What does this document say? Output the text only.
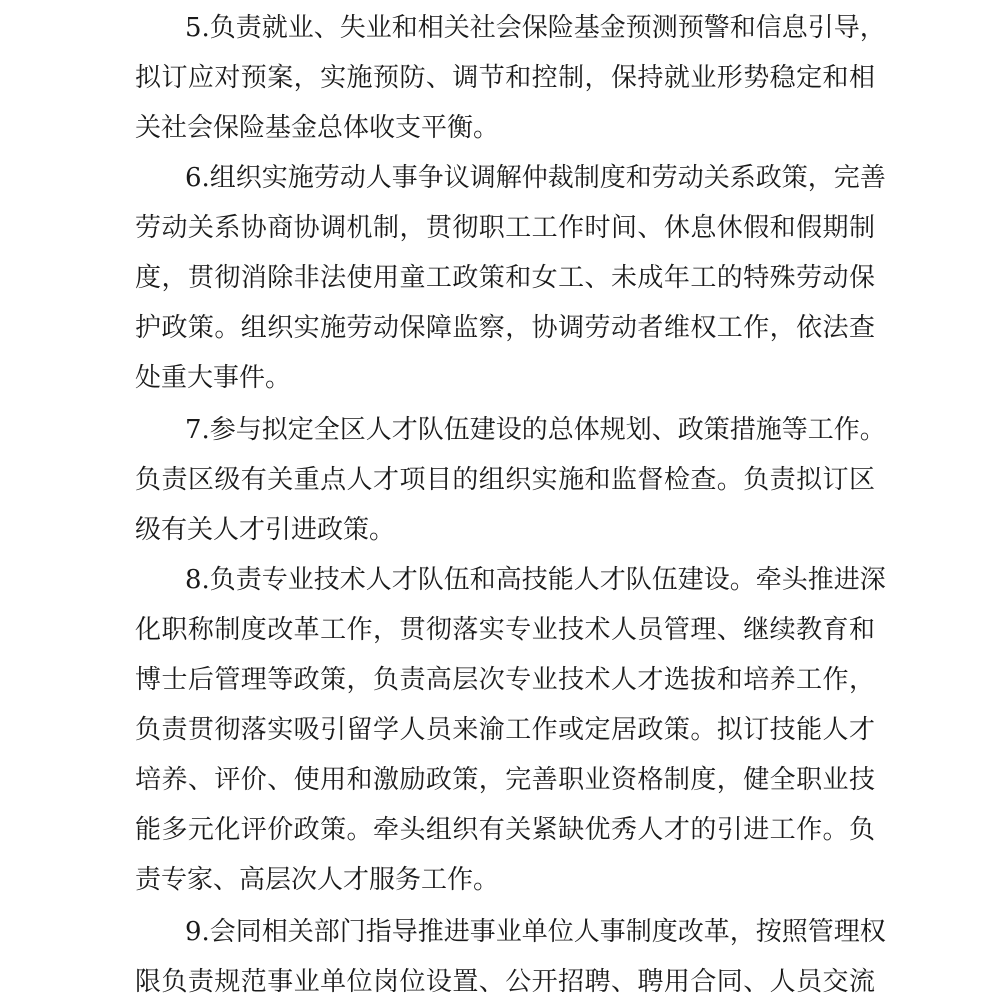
5.负责就业、失业和相关社会保险基金预测预警和信息引导，
拟订应对预案，实施预防、调节和控制，保持就业形势稳定和相
关社会保险基金总体收支平衡。
6.组织实施劳动人事争议调解仲裁制度和劳动关系政策，完善
劳动关系协商协调机制，贯彻职工工作时间、休息休假和假期制
度，贯彻消除非法使用童工政策和女工、未成年工的特殊劳动保
护政策。组织实施劳动保障监察，协调劳动者维权工作，依法查
处重大事件。
7.参与拟定全区人才队伍建设的总体规划、政策措施等工作。
负责区级有关重点人才项目的组织实施和监督检查。负责拟订区
级有关人才引进政策。
8.负责专业技术人才队伍和高技能人才队伍建设。牵头推进深
化职称制度改革工作，贯彻落实专业技术人员管理、继续教育和
博士后管理等政策，负责高层次专业技术人才选拔和培养工作，
负责贯彻落实吸引留学人员来渝工作或定居政策。拟订技能人才
培养、评价、使用和激励政策，完善职业资格制度，健全职业技
能多元化评价政策。牵头组织有关紧缺优秀人才的引进工作。负
责专家、高层次人才服务工作。
9.会同相关部门指导推进事业单位人事制度改革，按照管理权
限负责规范事业单位岗位设置、公开招聘、聘用合同、人员交流
